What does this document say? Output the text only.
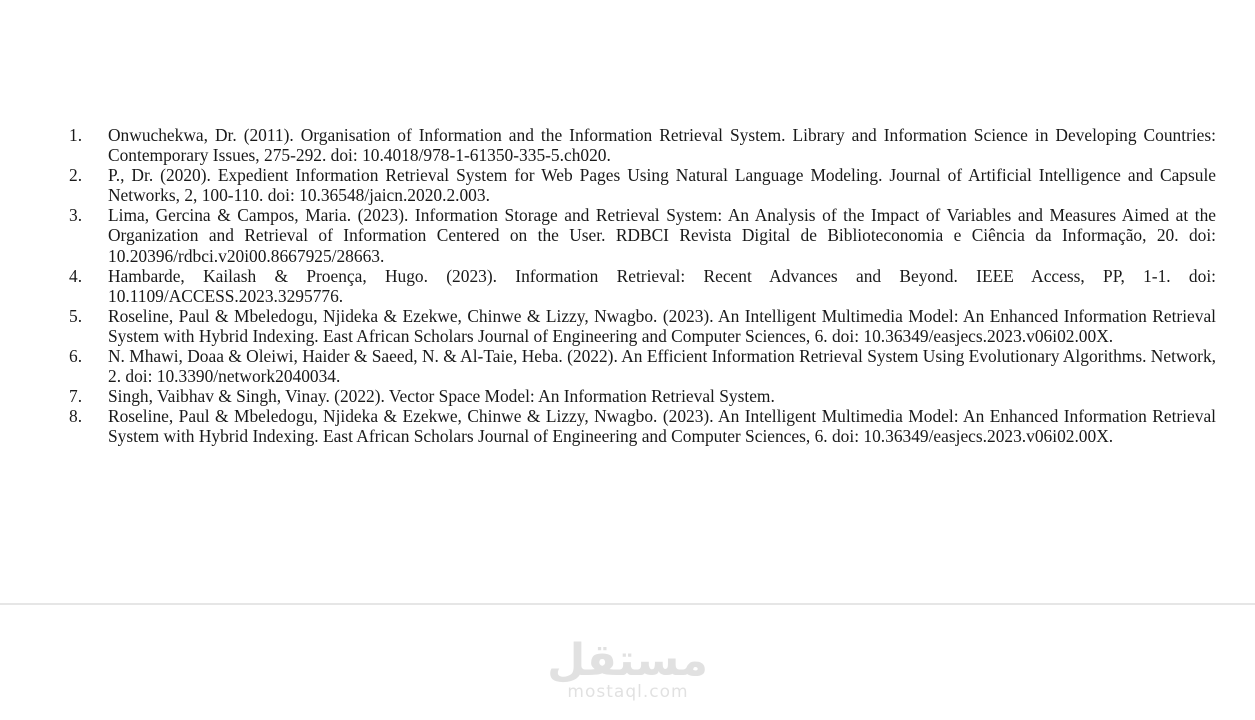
1. Onwuchekwa, Dr. (2011). Organisation of Information and the Information Retrieval System. Library and Information Science in Developing Countries: Contemporary Issues, 275-292. doi: 10.4018/978-1-61350-335-5.ch020.
2. P., Dr. (2020). Expedient Information Retrieval System for Web Pages Using Natural Language Modeling. Journal of Artificial Intelligence and Capsule Networks, 2, 100-110. doi: 10.36548/jaicn.2020.2.003.
3. Lima, Gercina & Campos, Maria. (2023). Information Storage and Retrieval System: An Analysis of the Impact of Variables and Measures Aimed at the Organization and Retrieval of Information Centered on the User. RDBCI Revista Digital de Biblioteconomia e Ciência da Informação, 20. doi: 10.20396/rdbci.v20i00.8667925/28663.
4. Hambarde, Kailash & Proença, Hugo. (2023). Information Retrieval: Recent Advances and Beyond. IEEE Access, PP, 1-1. doi: 10.1109/ACCESS.2023.3295776.
5. Roseline, Paul & Mbeledogu, Njideka & Ezekwe, Chinwe & Lizzy, Nwagbo. (2023). An Intelligent Multimedia Model: An Enhanced Information Retrieval System with Hybrid Indexing. East African Scholars Journal of Engineering and Computer Sciences, 6. doi: 10.36349/easjecs.2023.v06i02.00X.
6. N. Mhawi, Doaa & Oleiwi, Haider & Saeed, N. & Al-Taie, Heba. (2022). An Efficient Information Retrieval System Using Evolutionary Algorithms. Network, 2. doi: 10.3390/network2040034.
7. Singh, Vaibhav & Singh, Vinay. (2022). Vector Space Model: An Information Retrieval System.
8. Roseline, Paul & Mbeledogu, Njideka & Ezekwe, Chinwe & Lizzy, Nwagbo. (2023). An Intelligent Multimedia Model: An Enhanced Information Retrieval System with Hybrid Indexing. East African Scholars Journal of Engineering and Computer Sciences, 6. doi: 10.36349/easjecs.2023.v06i02.00X.
مستقل
mostaql.com
